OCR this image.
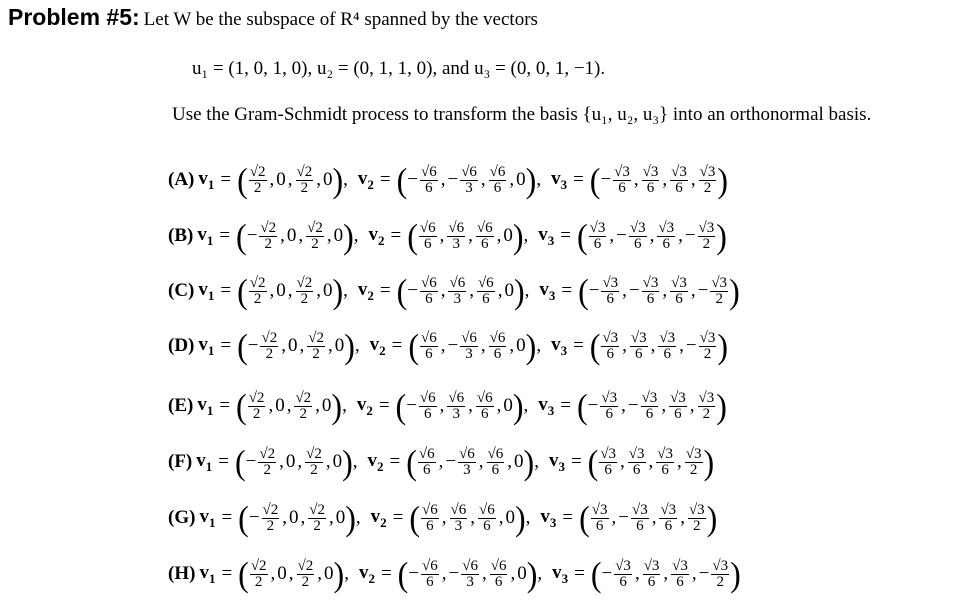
Problem #5: Let W be the subspace of R⁴ spanned by the vectors
u₁ = (1, 0, 1, 0), u₂ = (0, 1, 1, 0), and u₃ = (0, 0, 1, −1).
Use the Gram-Schmidt process to transform the basis {u₁, u₂, u₃} into an orthonormal basis.
(A) $v_1$ = ( $\frac{√2}{2}$ , 0 , $\frac{√2}{2}$ , 0 ) , $v_2$ = ( − $\frac{√6}{6}$ , − $\frac{√6}{3}$ , $\frac{√6}{6}$ , 0 ) , $v_3$ = ( − $\frac{√3}{6}$ , $\frac{√3}{6}$ , $\frac{√3}{6}$ , $\frac{√3}{2}$ )
(B) $v_1$ = ( − $\frac{√2}{2}$ , 0 , $\frac{√2}{2}$ , 0 ) , $v_2$ = ( $\frac{√6}{6}$ , $\frac{√6}{3}$ , $\frac{√6}{6}$ , 0 ) , $v_3$ = ( $\frac{√3}{6}$ , − $\frac{√3}{6}$ , $\frac{√3}{6}$ , − $\frac{√3}{2}$ )
(C) $v_1$ = ( $\frac{√2}{2}$ , 0 , $\frac{√2}{2}$ , 0 ) , $v_2$ = ( − $\frac{√6}{6}$ , $\frac{√6}{3}$ , $\frac{√6}{6}$ , 0 ) , $v_3$ = ( − $\frac{√3}{6}$ , − $\frac{√3}{6}$ , $\frac{√3}{6}$ , − $\frac{√3}{2}$ )
(D) $v_1$ = ( − $\frac{√2}{2}$ , 0 , $\frac{√2}{2}$ , 0 ) , $v_2$ = ( $\frac{√6}{6}$ , − $\frac{√6}{3}$ , $\frac{√6}{6}$ , 0 ) , $v_3$ = ( $\frac{√3}{6}$ , $\frac{√3}{6}$ , $\frac{√3}{6}$ , − $\frac{√3}{2}$ )
(E) $v_1$ = ( $\frac{√2}{2}$ , 0 , $\frac{√2}{2}$ , 0 ) , $v_2$ = ( − $\frac{√6}{6}$ , $\frac{√6}{3}$ , $\frac{√6}{6}$ , 0 ) , $v_3$ = ( − $\frac{√3}{6}$ , − $\frac{√3}{6}$ , $\frac{√3}{6}$ , $\frac{√3}{2}$ )
(F) $v_1$ = ( − $\frac{√2}{2}$ , 0 , $\frac{√2}{2}$ , 0 ) , $v_2$ = ( $\frac{√6}{6}$ , − $\frac{√6}{3}$ , $\frac{√6}{6}$ , 0 ) , $v_3$ = ( $\frac{√3}{6}$ , $\frac{√3}{6}$ , $\frac{√3}{6}$ , $\frac{√3}{2}$ )
(G) $v_1$ = ( − $\frac{√2}{2}$ , 0 , $\frac{√2}{2}$ , 0 ) , $v_2$ = ( $\frac{√6}{6}$ , $\frac{√6}{3}$ , $\frac{√6}{6}$ , 0 ) , $v_3$ = ( $\frac{√3}{6}$ , − $\frac{√3}{6}$ , $\frac{√3}{6}$ , $\frac{√3}{2}$ )
(H) $v_1$ = ( $\frac{√2}{2}$ , 0 , $\frac{√2}{2}$ , 0 ) , $v_2$ = ( − $\frac{√6}{6}$ , − $\frac{√6}{3}$ , $\frac{√6}{6}$ , 0 ) , $v_3$ = ( − $\frac{√3}{6}$ , $\frac{√3}{6}$ , $\frac{√3}{6}$ , − $\frac{√3}{2}$ )
